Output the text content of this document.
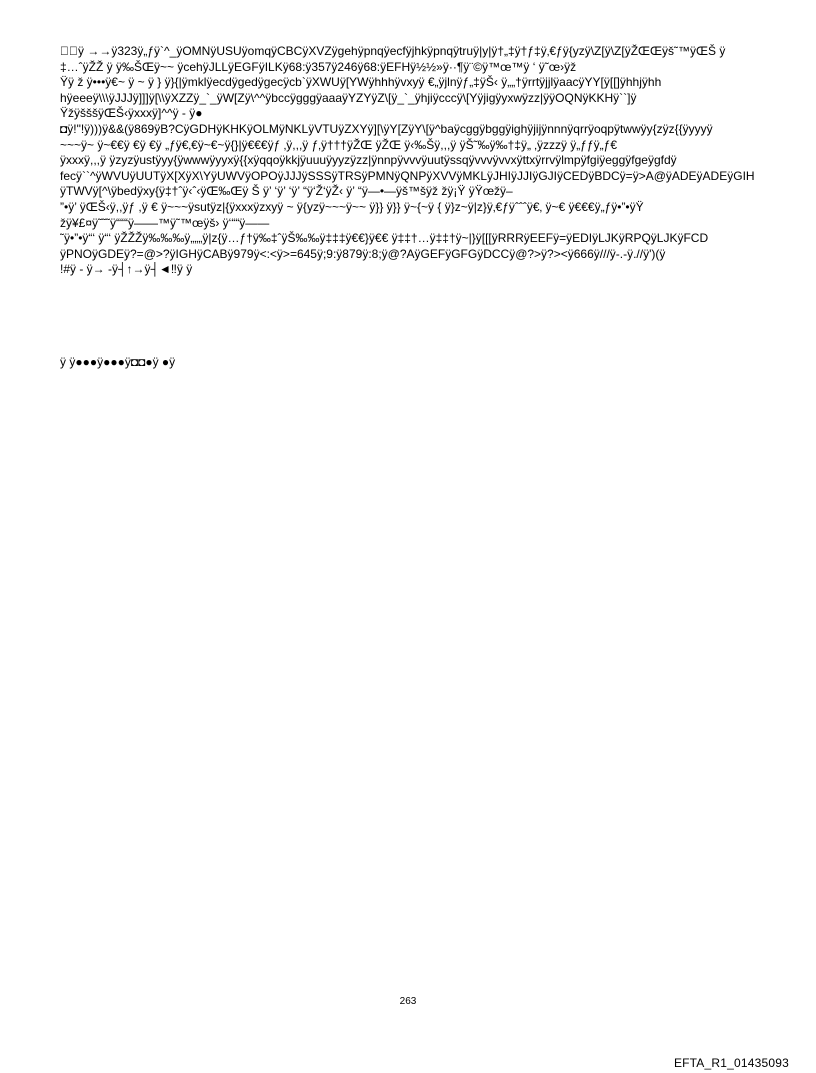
 ÿ →→ÿ323ÿ„ƒÿ`^_ÿOMNÿUSUÿomqÿCBCÿXVZÿgehÿpnqÿecfÿjhkÿpnqÿtruÿ|y|ÿ†„‡ÿ†ƒ‡ÿ‚€ƒÿ{yzÿ\Z[ÿ\Z[ÿŽŒŒÿš˜™ÿŒŠ ÿ
‡…ˆÿŽŽ ÿ ÿ‰ŠŒÿ~~ ÿcehÿJLLÿEGFÿILKÿ68:ÿ357ÿ246ÿ68:ÿEFHÿ½½»ÿ··¶ÿ¨©ÿ™œ™ÿ ‘ ÿ˜œ›ÿž
Ÿÿ ž ÿ•••ÿ€~ ÿ ~ ÿ } ÿ}{|ÿmklÿecdÿgedÿgecÿcb`ÿXWUÿ[YWÿhhhÿvxyÿ €„ÿjlnÿƒ„‡ÿŠ‹ ÿ„„†ÿrrtÿjjlÿaacÿYY[ÿ[[]ÿhhjÿhh
hÿeeeÿ\\\ÿJJJÿ]]]ÿ[\\ÿXZZÿ_`_ÿW[Zÿ\^^ÿbccÿgggÿaaaÿYZYÿZ\[ÿ_`_ÿhjiÿcccÿ\[Yÿjigÿyxwÿzz|ÿÿOQNÿKKHÿ``]ÿ
ŸžÿšššÿŒŠ‹ÿxxxÿ]^^ÿ - ÿ●
◘ÿ!"!ÿ)))ÿ&&(ÿ869ÿB?CÿGDHÿKHKÿOLMÿNKLÿVTUÿZXYÿ][\ÿY[ZÿY\[ÿ^baÿcggÿbggÿighÿjijÿnnnÿqrrÿoqpÿtwwÿy{zÿz{{ÿyyyÿ
~~~ÿ~ ÿ~€€ÿ €ÿ €ÿ „ƒÿ€‚€ÿ~€~ÿ{}|ÿ€€€ÿƒ ‚ÿ,,,ÿ ƒ‚ÿ†††ÿŽŒ ÿŽŒ ÿ‹‰Šÿ,,,ÿ ÿŠ˜‰ÿ‰†‡ÿ„ ‚ÿzzzÿ ÿ„ƒƒÿ„ƒ€
ÿxxxÿ,,,ÿ ÿzyzÿustÿyy{ÿwwwÿyyxÿ{{xÿqqoÿkkjÿuuuÿyyzÿzz|ÿnnpÿvvvÿuutÿssqÿvvvÿvvxÿttxÿrrvÿlmpÿfgiÿeggÿfgeÿgfdÿ
fecÿ``^ÿWVUÿUUTÿX[XÿX\YÿUWVÿOPOÿJJJÿSSSÿTRSÿPMNÿQNPÿXVVÿMKLÿJHIÿJJIÿGJIÿCEDÿBDCÿ=ÿ>A@ÿADEÿADEÿGIH
ÿTWVÿ[^\ÿbedÿxy{ÿ‡†ˆÿ‹ˆ‹ÿŒ‰Œÿ Š ÿ’ ‘ÿ’ ‘ÿ’ “ÿ‘Ž‘ÿŽ‹ ÿ’ “ÿ—•—ÿš™šÿž žÿ¡Ÿ ÿŸœžÿ–
”•ÿ’ ÿŒŠ‹ÿ,,ÿƒ ,ÿ € ÿ~~~ÿsutÿz|{ÿxxxÿzxyÿ ~ ÿ{yzÿ~~~ÿ~~ ÿ}} ÿ}} ÿ~{~ÿ { ÿ}z~ÿ|z}ÿ‚€ƒÿˆˆˆÿ€‚ ÿ~€ ÿ€€€ÿ„ƒÿ•”•ÿŸ
žÿ¥£¤ÿ˜˜˜ÿ“““ÿ——™ÿ˜™œÿš› ÿ‘““ÿ——
˜ÿ•”•ÿ“‘ ÿ“‘ ÿŽŽŽÿ‰‰‰ÿ„„„ÿ|z{ÿ…ƒ†ÿ‰‡ˆÿŠ‰‰ÿ‡‡‡ÿ€€}ÿ€€ ÿ‡‡†…ÿ‡‡†ÿ~|}ÿ[[[ÿRRRÿEEFÿ=ÿEDIÿLJKÿRPQÿLJKÿFCD
ÿPNOÿGDEÿ?=@>?ÿIGHÿCABÿ979ÿ<:<ÿ>=645ÿ;9:ÿ879ÿ:8;ÿ@?AÿGEFÿGFGÿDCCÿ@?>ÿ?><ÿ666ÿ///ÿ-.-ÿ.//ÿ')(ÿ
!#ÿ - ÿ→ -ÿ┤↑→ÿ┤◄‼ÿ ÿ
ÿ ÿ●●●ÿ●●●ÿ◘◘●ÿ ●ÿ
263
EFTA_R1_01435093
